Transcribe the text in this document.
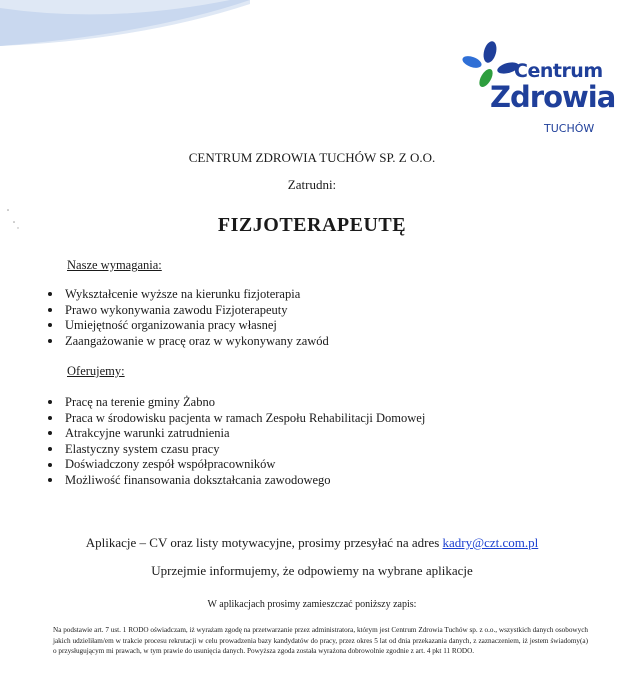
Centrum
Zdrowia
TUCHÓW
CENTRUM ZDROWIA TUCHÓW SP. Z O.O.
Zatrudni:
FIZJOTERAPEUTĘ
Nasze wymagania:
Wykształcenie wyższe na kierunku fizjoterapia
Prawo wykonywania zawodu Fizjoterapeuty
Umiejętność organizowania pracy własnej
Zaangażowanie w pracę oraz w wykonywany zawód
Oferujemy:
Pracę na terenie gminy Żabno
Praca w środowisku pacjenta w ramach Zespołu Rehabilitacji Domowej
Atrakcyjne warunki zatrudnienia
Elastyczny system czasu pracy
Doświadczony zespół współpracowników
Możliwość finansowania dokształcania zawodowego
Aplikacje – CV oraz listy motywacyjne, prosimy przesyłać na adres kadry@czt.com.pl
Uprzejmie informujemy, że odpowiemy na wybrane aplikacje
W aplikacjach prosimy zamieszczać poniższy zapis:
Na podstawie art. 7 ust. 1 RODO oświadczam, iż wyrażam zgodę na przetwarzanie przez administratora, którym jest Centrum Zdrowia Tuchów sp. z o.o., wszystkich danych osobowych jakich udzieliłam/em w trakcie procesu rekrutacji w celu prowadzenia bazy kandydatów do pracy, przez okres 5 lat od dnia przekazania danych, z zaznaczeniem, iż jestem świadomy(a) o przysługującym mi prawach, w tym prawie do usunięcia danych. Powyższa zgoda została wyrażona dobrowolnie zgodnie z art. 4 pkt 11 RODO.
